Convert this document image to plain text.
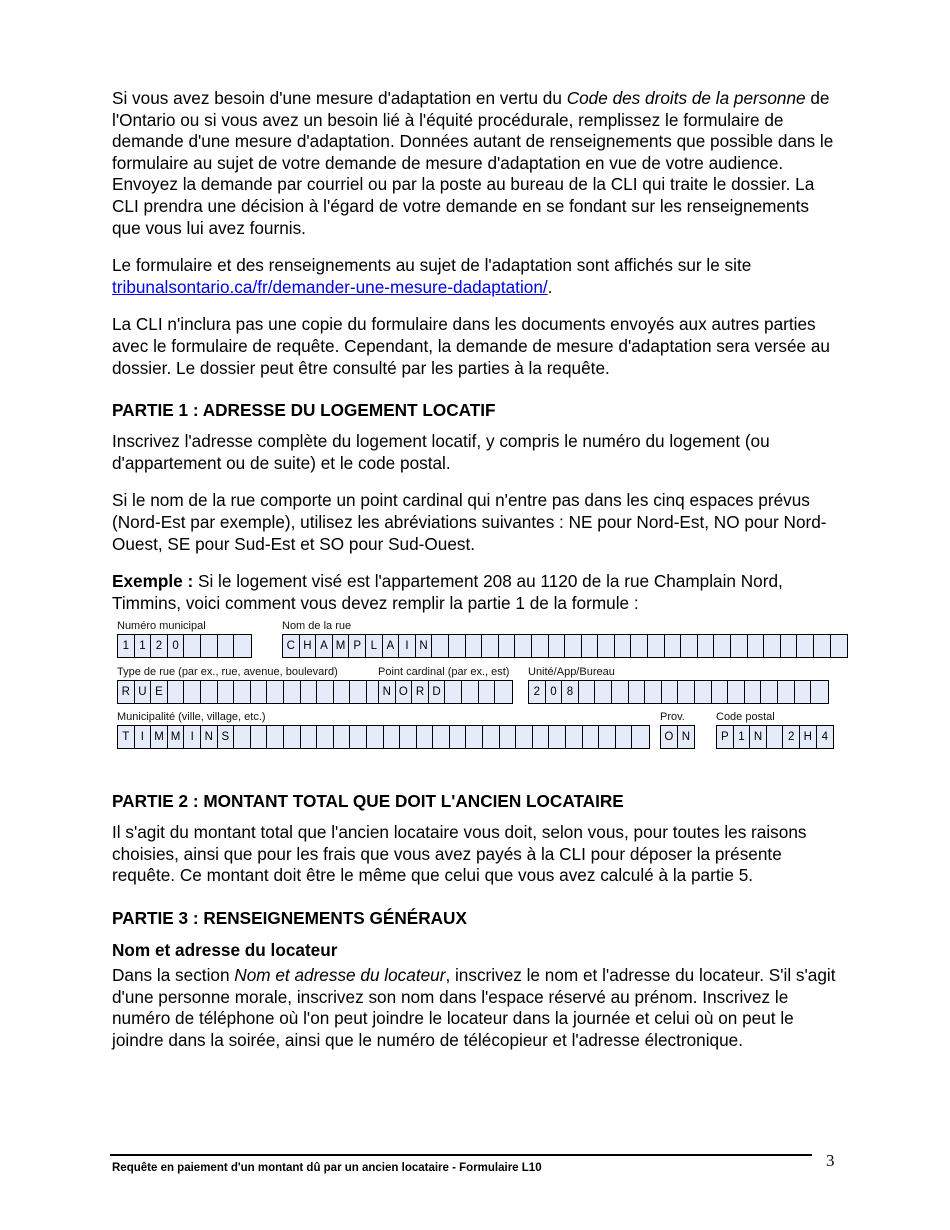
Si vous avez besoin d'une mesure d'adaptation en vertu du Code des droits de la personne de l'Ontario ou si vous avez un besoin lié à l'équité procédurale, remplissez le formulaire de demande d'une mesure d'adaptation. Données autant de renseignements que possible dans le formulaire au sujet de votre demande de mesure d'adaptation en vue de votre audience. Envoyez la demande par courriel ou par la poste au bureau de la CLI qui traite le dossier. La CLI prendra une décision à l'égard de votre demande en se fondant sur les renseignements que vous lui avez fournis.

Le formulaire et des renseignements au sujet de l'adaptation sont affichés sur le site tribunalsontario.ca/fr/demander-une-mesure-dadaptation/.

La CLI n'inclura pas une copie du formulaire dans les documents envoyés aux autres parties avec le formulaire de requête. Cependant, la demande de mesure d'adaptation sera versée au dossier. Le dossier peut être consulté par les parties à la requête.

PARTIE 1 : ADRESSE DU LOGEMENT LOCATIF

Inscrivez l'adresse complète du logement locatif, y compris le numéro du logement (ou d'appartement ou de suite) et le code postal.

Si le nom de la rue comporte un point cardinal qui n'entre pas dans les cinq espaces prévus (Nord-Est par exemple), utilisez les abréviations suivantes : NE pour Nord-Est, NO pour Nord-Ouest, SE pour Sud-Est et SO pour Sud-Ouest.

Exemple : Si le logement visé est l'appartement 208 au 1120 de la rue Champlain Nord, Timmins, voici comment vous devez remplir la partie 1 de la formule :

Numéro municipal
1 1 2 0
Nom de la rue
C H A M P L A I N
Type de rue (par ex., rue, avenue, boulevard)
R U E
Point cardinal (par ex., est)
N O R D
Unité/App/Bureau
2 0 8
Municipalité (ville, village, etc.)
T I M M I N S
Prov.
O N
Code postal
P 1 N	2 H 4
PARTIE 2 : MONTANT TOTAL QUE DOIT L'ANCIEN LOCATAIRE

Il s'agit du montant total que l'ancien locataire vous doit, selon vous, pour toutes les raisons choisies, ainsi que pour les frais que vous avez payés à la CLI pour déposer la présente requête. Ce montant doit être le même que celui que vous avez calculé à la partie 5.

PARTIE 3 : RENSEIGNEMENTS GÉNÉRAUX
Nom et adresse du locateur

Dans la section Nom et adresse du locateur, inscrivez le nom et l'adresse du locateur. S'il s'agit d'une personne morale, inscrivez son nom dans l'espace réservé au prénom. Inscrivez le numéro de téléphone où l'on peut joindre le locateur dans la journée et celui où on peut le joindre dans la soirée, ainsi que le numéro de télécopieur et l'adresse électronique.

Requête en paiement d'un montant dû par un ancien locataire - Formulaire L10	3
